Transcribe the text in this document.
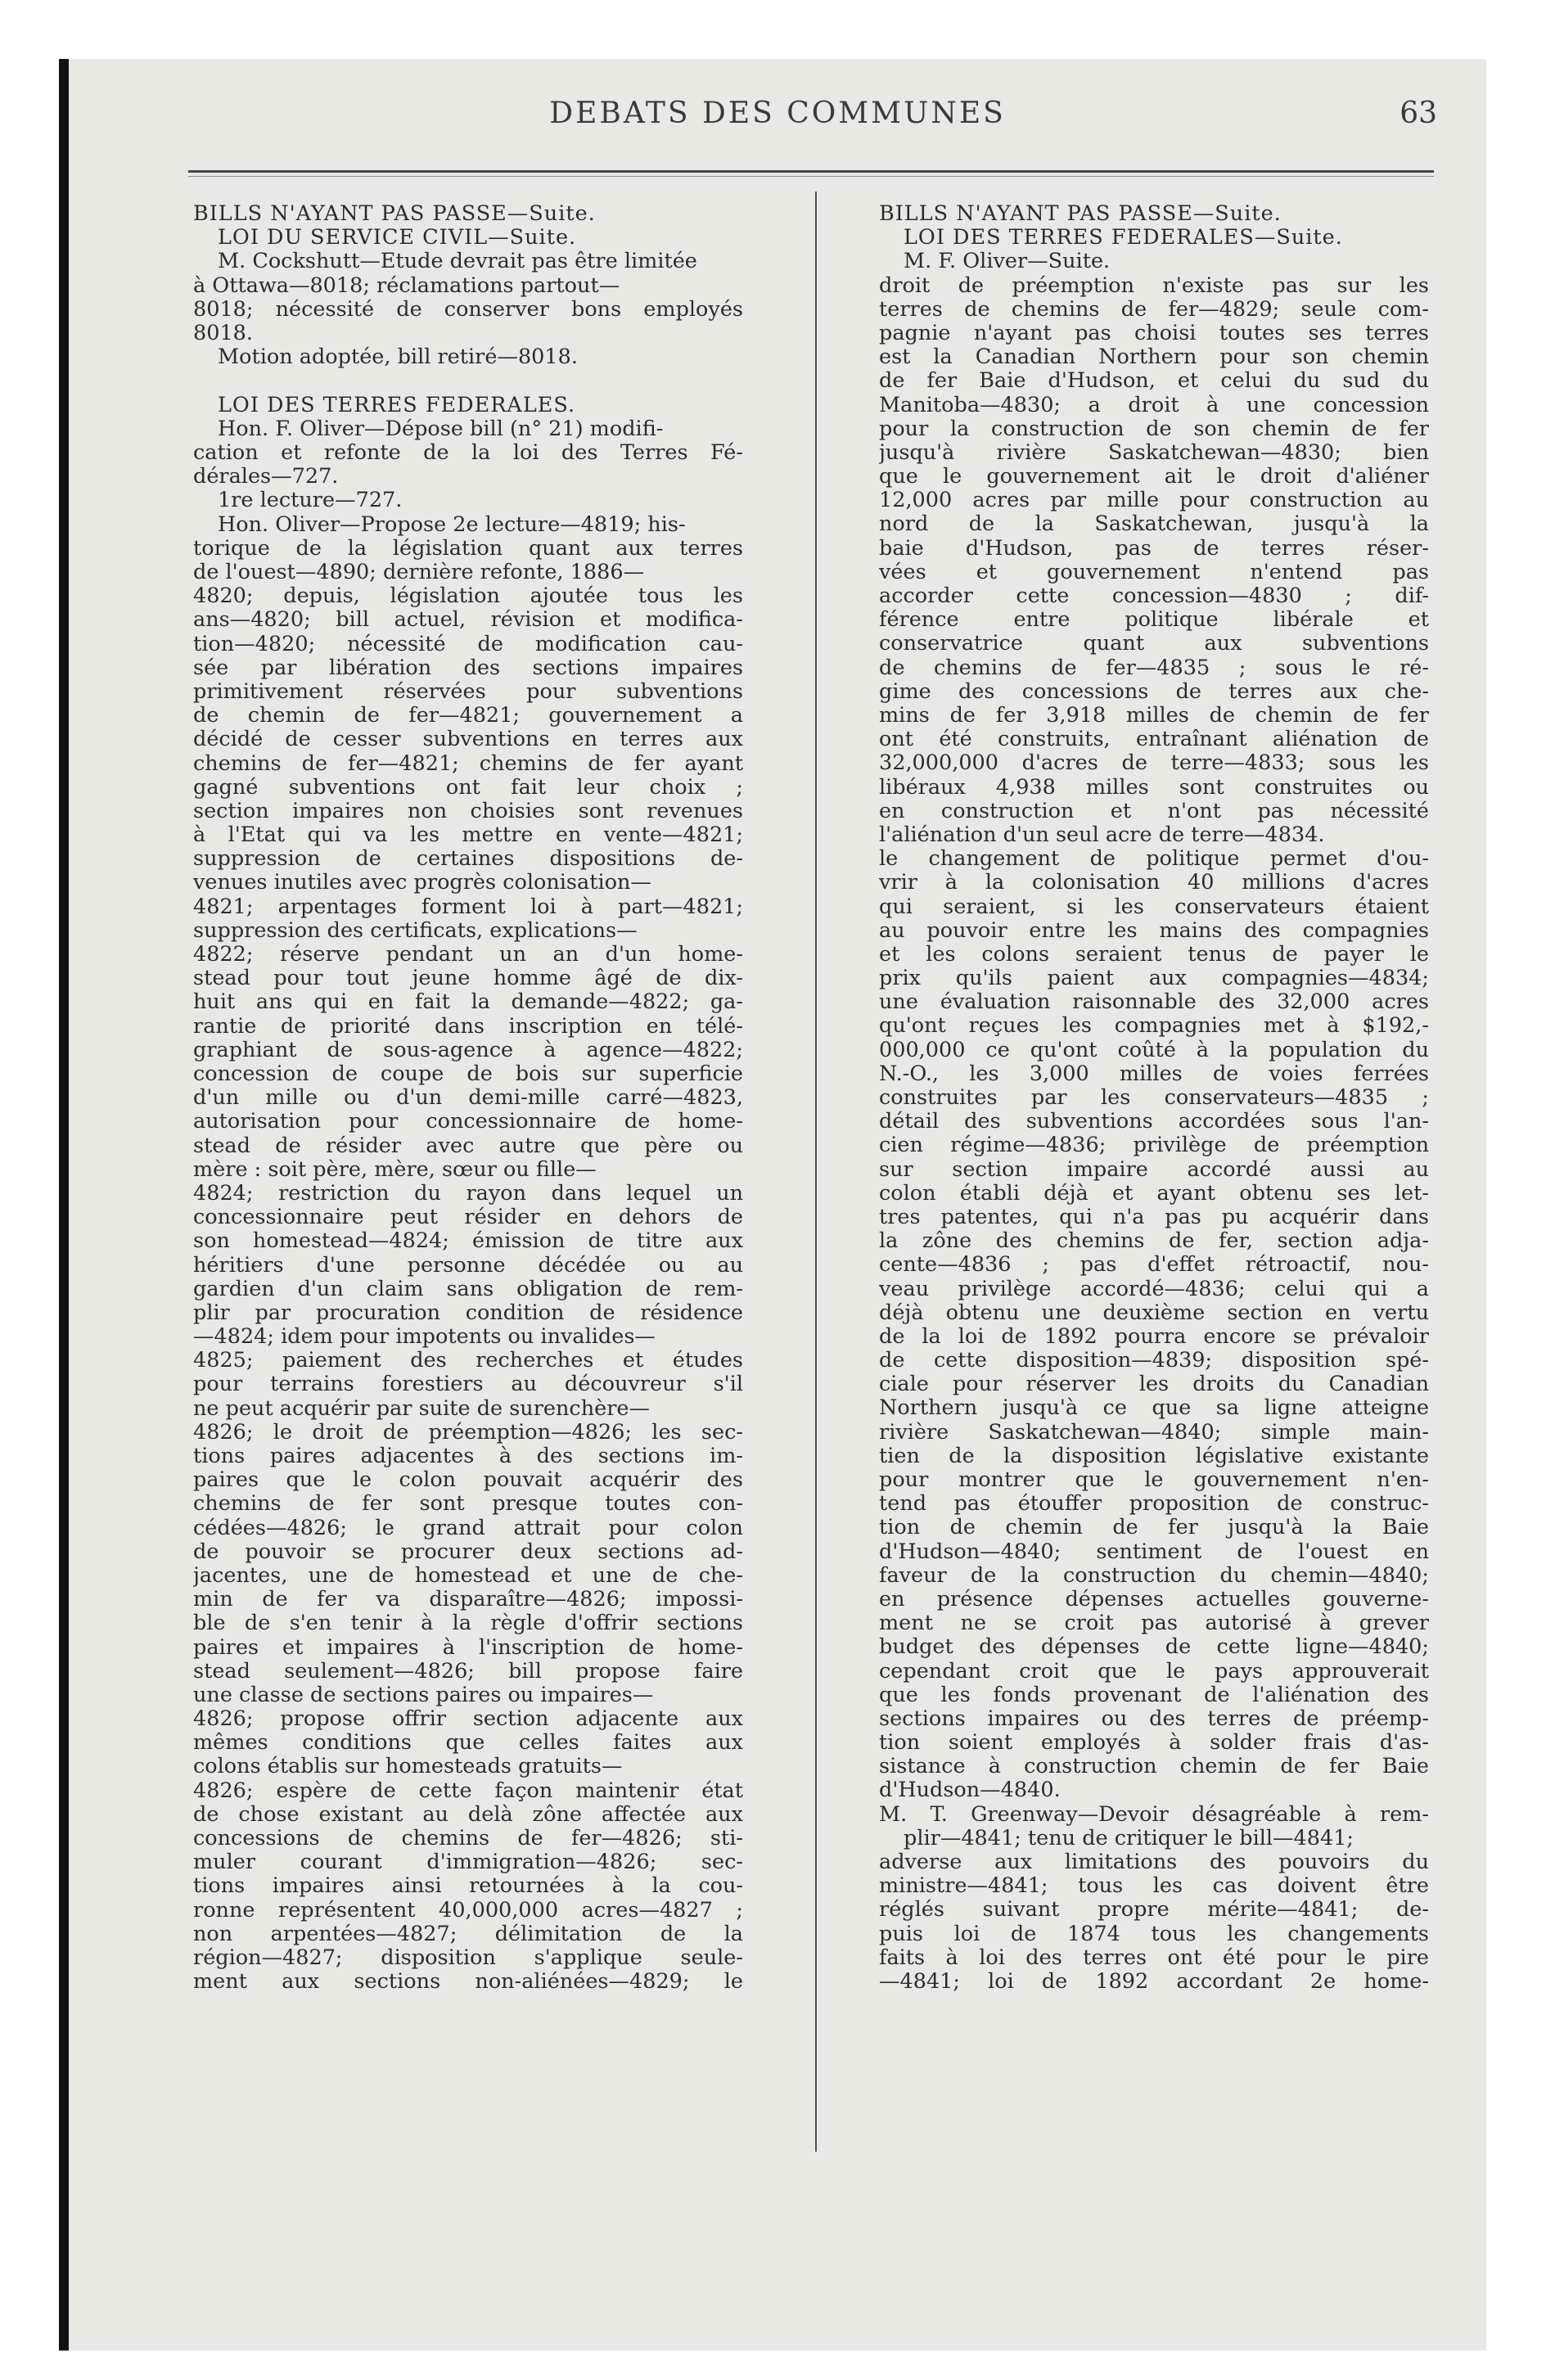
DEBATS DES COMMUNES	63
BILLS N'AYANT PAS PASSE—Suite.
LOI DU SERVICE CIVIL—Suite.
M. Cockshutt—Etude devrait pas être limitée
à Ottawa—8018; réclamations partout—
8018; nécessité de conserver bons employés
8018.
Motion adoptée, bill retiré—8018.

LOI DES TERRES FEDERALES.
Hon. F. Oliver—Dépose bill (n° 21) modifi-
cation et refonte de la loi des Terres Fé-
dérales—727.
1re lecture—727.
Hon. Oliver—Propose 2e lecture—4819; his-
torique de la législation quant aux terres
de l'ouest—4890; dernière refonte, 1886—
4820; depuis, législation ajoutée tous les
ans—4820; bill actuel, révision et modifica-
tion—4820; nécessité de modification cau-
sée par libération des sections impaires
primitivement réservées pour subventions
de chemin de fer—4821; gouvernement a
décidé de cesser subventions en terres aux
chemins de fer—4821; chemins de fer ayant
gagné subventions ont fait leur choix ;
section impaires non choisies sont revenues
à l'Etat qui va les mettre en vente—4821;
suppression de certaines dispositions de-
venues inutiles avec progrès colonisation—
4821; arpentages forment loi à part—4821;
suppression des certificats, explications—
4822; réserve pendant un an d'un home-
stead pour tout jeune homme âgé de dix-
huit ans qui en fait la demande—4822; ga-
rantie de priorité dans inscription en télé-
graphiant de sous-agence à agence—4822;
concession de coupe de bois sur superficie
d'un mille ou d'un demi-mille carré—4823,
autorisation pour concessionnaire de home-
stead de résider avec autre que père ou
mère : soit père, mère, sœur ou fille—
4824; restriction du rayon dans lequel un
concessionnaire peut résider en dehors de
son homestead—4824; émission de titre aux
héritiers d'une personne décédée ou au
gardien d'un claim sans obligation de rem-
plir par procuration condition de résidence
—4824; idem pour impotents ou invalides—
4825; paiement des recherches et études
pour terrains forestiers au découvreur s'il
ne peut acquérir par suite de surenchère—
4826; le droit de préemption—4826; les sec-
tions paires adjacentes à des sections im-
paires que le colon pouvait acquérir des
chemins de fer sont presque toutes con-
cédées—4826; le grand attrait pour colon
de pouvoir se procurer deux sections ad-
jacentes, une de homestead et une de che-
min de fer va disparaître—4826; impossi-
ble de s'en tenir à la règle d'offrir sections
paires et impaires à l'inscription de home-
stead seulement—4826; bill propose faire
une classe de sections paires ou impaires—
4826; propose offrir section adjacente aux
mêmes conditions que celles faites aux
colons établis sur homesteads gratuits—
4826; espère de cette façon maintenir état
de chose existant au delà zône affectée aux
concessions de chemins de fer—4826; sti-
muler courant d'immigration—4826; sec-
tions impaires ainsi retournées à la cou-
ronne représentent 40,000,000 acres—4827 ;
non arpentées—4827; délimitation de la
région—4827; disposition s'applique seule-
ment aux sections non-aliénées—4829; le
BILLS N'AYANT PAS PASSE—Suite.
LOI DES TERRES FEDERALES—Suite.
M. F. Oliver—Suite.
droit de préemption n'existe pas sur les
terres de chemins de fer—4829; seule com-
pagnie n'ayant pas choisi toutes ses terres
est la Canadian Northern pour son chemin
de fer Baie d'Hudson, et celui du sud du
Manitoba—4830; a droit à une concession
pour la construction de son chemin de fer
jusqu'à rivière Saskatchewan—4830; bien
que le gouvernement ait le droit d'aliéner
12,000 acres par mille pour construction au
nord de la Saskatchewan, jusqu'à la
baie d'Hudson, pas de terres réser-
vées et gouvernement n'entend pas
accorder cette concession—4830 ; dif-
férence entre politique libérale et
conservatrice quant aux subventions
de chemins de fer—4835 ; sous le ré-
gime des concessions de terres aux che-
mins de fer 3,918 milles de chemin de fer
ont été construits, entraînant aliénation de
32,000,000 d'acres de terre—4833; sous les
libéraux 4,938 milles sont construites ou
en construction et n'ont pas nécessité
l'aliénation d'un seul acre de terre—4834.
le changement de politique permet d'ou-
vrir à la colonisation 40 millions d'acres
qui seraient, si les conservateurs étaient
au pouvoir entre les mains des compagnies
et les colons seraient tenus de payer le
prix qu'ils paient aux compagnies—4834;
une évaluation raisonnable des 32,000 acres
qu'ont reçues les compagnies met à $192,-
000,000 ce qu'ont coûté à la population du
N.-O., les 3,000 milles de voies ferrées
construites par les conservateurs—4835 ;
détail des subventions accordées sous l'an-
cien régime—4836; privilège de préemption
sur section impaire accordé aussi au
colon établi déjà et ayant obtenu ses let-
tres patentes, qui n'a pas pu acquérir dans
la zône des chemins de fer, section adja-
cente—4836 ; pas d'effet rétroactif, nou-
veau privilège accordé—4836; celui qui a
déjà obtenu une deuxième section en vertu
de la loi de 1892 pourra encore se prévaloir
de cette disposition—4839; disposition spé-
ciale pour réserver les droits du Canadian
Northern jusqu'à ce que sa ligne atteigne
rivière Saskatchewan—4840; simple main-
tien de la disposition législative existante
pour montrer que le gouvernement n'en-
tend pas étouffer proposition de construc-
tion de chemin de fer jusqu'à la Baie
d'Hudson—4840; sentiment de l'ouest en
faveur de la construction du chemin—4840;
en présence dépenses actuelles gouverne-
ment ne se croit pas autorisé à grever
budget des dépenses de cette ligne—4840;
cependant croit que le pays approuverait
que les fonds provenant de l'aliénation des
sections impaires ou des terres de préemp-
tion soient employés à solder frais d'as-
sistance à construction chemin de fer Baie
d'Hudson—4840.
M. T. Greenway—Devoir désagréable à rem-
plir—4841; tenu de critiquer le bill—4841;
adverse aux limitations des pouvoirs du
ministre—4841; tous les cas doivent être
réglés suivant propre mérite—4841; de-
puis loi de 1874 tous les changements
faits à loi des terres ont été pour le pire
—4841; loi de 1892 accordant 2e home-
